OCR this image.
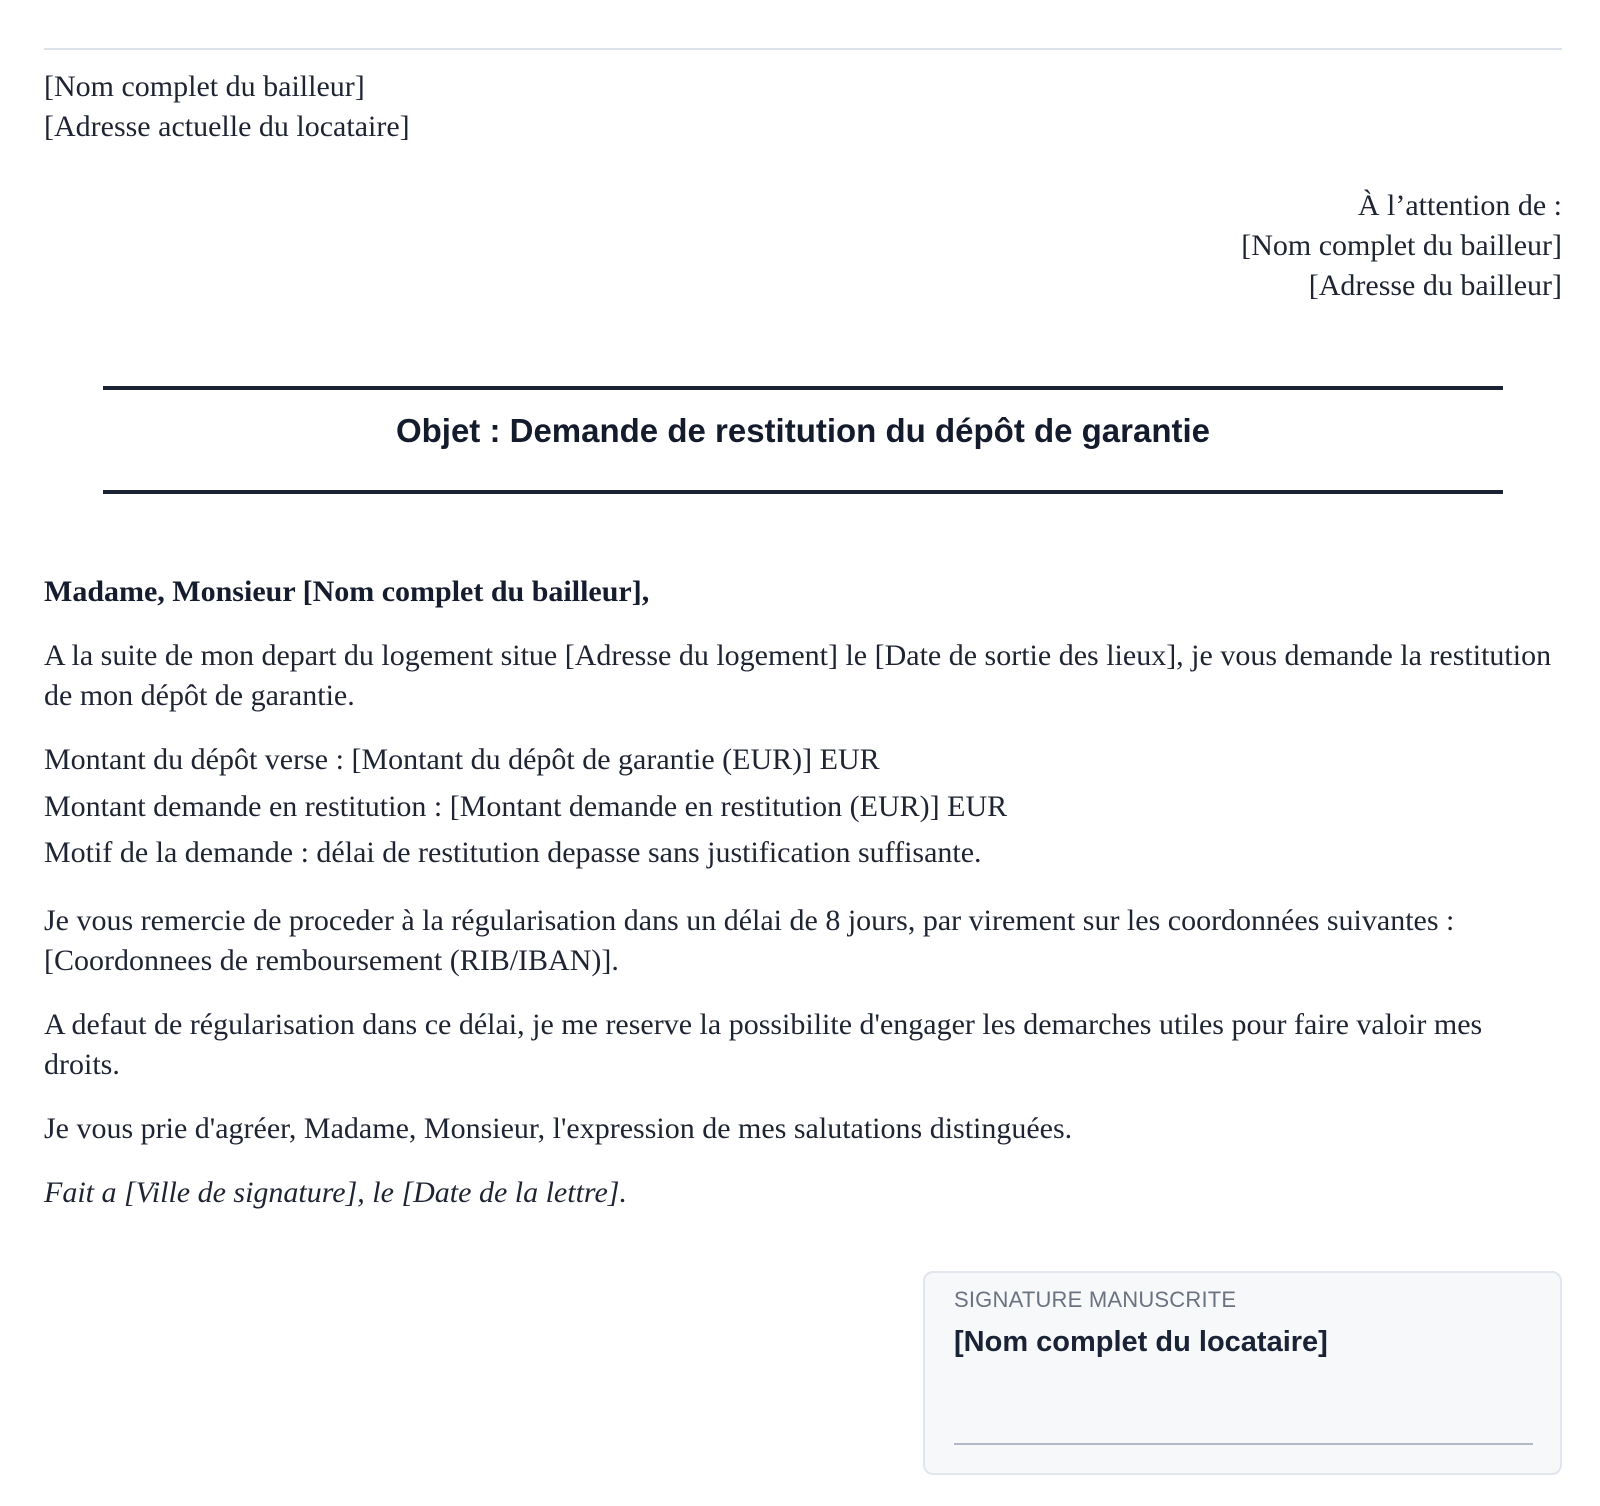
[Nom complet du bailleur]
[Adresse actuelle du locataire]
À l’attention de :
[Nom complet du bailleur]
[Adresse du bailleur]
Objet : Demande de restitution du dépôt de garantie

Madame, Monsieur [Nom complet du bailleur],

A la suite de mon depart du logement situe [Adresse du logement] le [Date de sortie des lieux], je vous demande la restitution de mon dépôt de garantie.

Montant du dépôt verse : [Montant du dépôt de garantie (EUR)] EUR
Montant demande en restitution : [Montant demande en restitution (EUR)] EUR
Motif de la demande : délai de restitution depasse sans justification suffisante.

Je vous remercie de proceder à la régularisation dans un délai de 8 jours, par virement sur les coordonnées suivantes : [Coordonnees de remboursement (RIB/IBAN)].

A defaut de régularisation dans ce délai, je me reserve la possibilite d'engager les demarches utiles pour faire valoir mes droits.

Je vous prie d'agréer, Madame, Monsieur, l'expression de mes salutations distinguées.

Fait a [Ville de signature], le [Date de la lettre].

SIGNATURE MANUSCRITE
[Nom complet du locataire]
